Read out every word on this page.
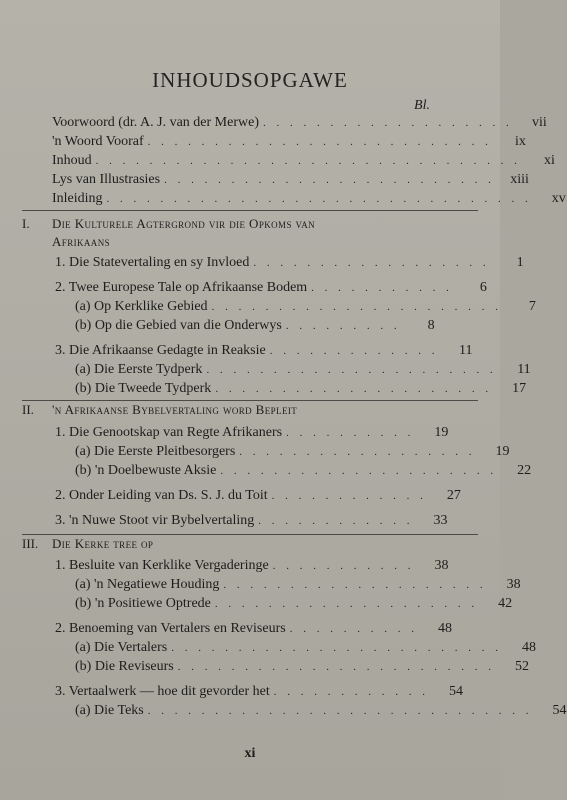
INHOUDSOPGAWE
Bl.
Voorwoord (dr. A. J. van der Merwe) . . . . . . . . . . . . . . . . . . .	vii
'n Woord Vooraf . . . . . . . . . . . . . . . . . . . . . . . . . .	ix
Inhoud . . . . . . . . . . . . . . . . . . . . . . . . . . . . . . . .	xi
Lys van Illustrasies . . . . . . . . . . . . . . . . . . . . . . . . .	xiii
Inleiding . . . . . . . . . . . . . . . . . . . . . . . . . . . . . . . .	xv
I. Die Kulturele Agtergrond vir die Opkoms van
Afrikaans
1. Die Statevertaling en sy Invloed . . . . . . . . . . . . . . . . . .	1
2. Twee Europese Tale op Afrikaanse Bodem . . . . . . . . . . .	6
(a) Op Kerklike Gebied . . . . . . . . . . . . . . . . . . . . . .	7
(b) Op die Gebied van die Onderwys . . . . . . . . .	8
3. Die Afrikaanse Gedagte in Reaksie . . . . . . . . . . . . .	11
(a) Die Eerste Tydperk . . . . . . . . . . . . . . . . . . . . . .	11
(b) Die Tweede Tydperk . . . . . . . . . . . . . . . . . . . . .	17
II. 'n Afrikaanse Bybelvertaling word Bepleit
1. Die Genootskap van Regte Afrikaners . . . . . . . . . .	19
(a) Die Eerste Pleitbesorgers . . . . . . . . . . . . . . . . . .	19
(b) 'n Doelbewuste Aksie . . . . . . . . . . . . . . . . . . . . .	22
2. Onder Leiding van Ds. S. J. du Toit . . . . . . . . . . . .	27
3. 'n Nuwe Stoot vir Bybelvertaling . . . . . . . . . . . .	33
III. Die Kerke tree op
1. Besluite van Kerklike Vergaderinge . . . . . . . . . . .	38
(a) 'n Negatiewe Houding . . . . . . . . . . . . . . . . . . . .	38
(b) 'n Positiewe Optrede . . . . . . . . . . . . . . . . . . . .	42
2. Benoeming van Vertalers en Reviseurs . . . . . . . . . .	48
(a) Die Vertalers . . . . . . . . . . . . . . . . . . . . . . . . .	48
(b) Die Reviseurs . . . . . . . . . . . . . . . . . . . . . . . .	52
3. Vertaalwerk — hoe dit gevorder het . . . . . . . . . . . .	54
(a) Die Teks . . . . . . . . . . . . . . . . . . . . . . . . . . . . .	54
xi
